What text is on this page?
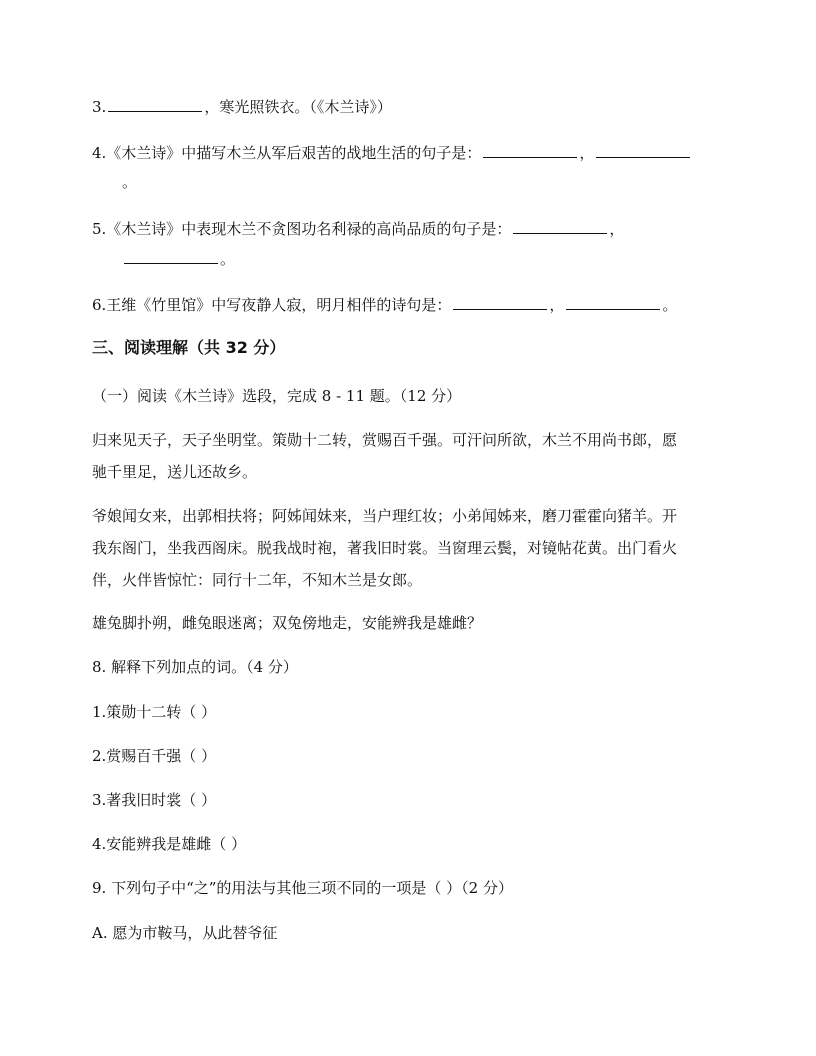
3.	，寒光照铁衣。（《木兰诗》）
4.《木兰诗》中描写木兰从军后艰苦的战地生活的句子是：	，
。
5.《木兰诗》中表现木兰不贪图功名利禄的高尚品质的句子是：	，
。
6.王维《竹里馆》中写夜静人寂，明月相伴的诗句是：	，	。
三、阅读理解（共 32 分）
（一）阅读《木兰诗》选段，完成 8 - 11 题。（12 分）
归来见天子，天子坐明堂。策勋十二转，赏赐百千强。可汗问所欲，木兰不用尚书郎，愿
驰千里足，送儿还故乡。
爷娘闻女来，出郭相扶将；阿姊闻妹来，当户理红妆；小弟闻姊来，磨刀霍霍向猪羊。开
我东阁门，坐我西阁床。脱我战时袍，著我旧时裳。当窗理云鬓，对镜帖花黄。出门看火
伴，火伴皆惊忙：同行十二年，不知木兰是女郎。
雄兔脚扑朔，雌兔眼迷离；双兔傍地走，安能辨我是雄雌？
8. 解释下列加点的词。（4 分）
1.策勋十二转（ ）
2.赏赐百千强（ ）
3.著我旧时裳（ ）
4.安能辨我是雄雌（ ）
9. 下列句子中“之”的用法与其他三项不同的一项是（ ）（2 分）
A. 愿为市鞍马，从此替爷征
